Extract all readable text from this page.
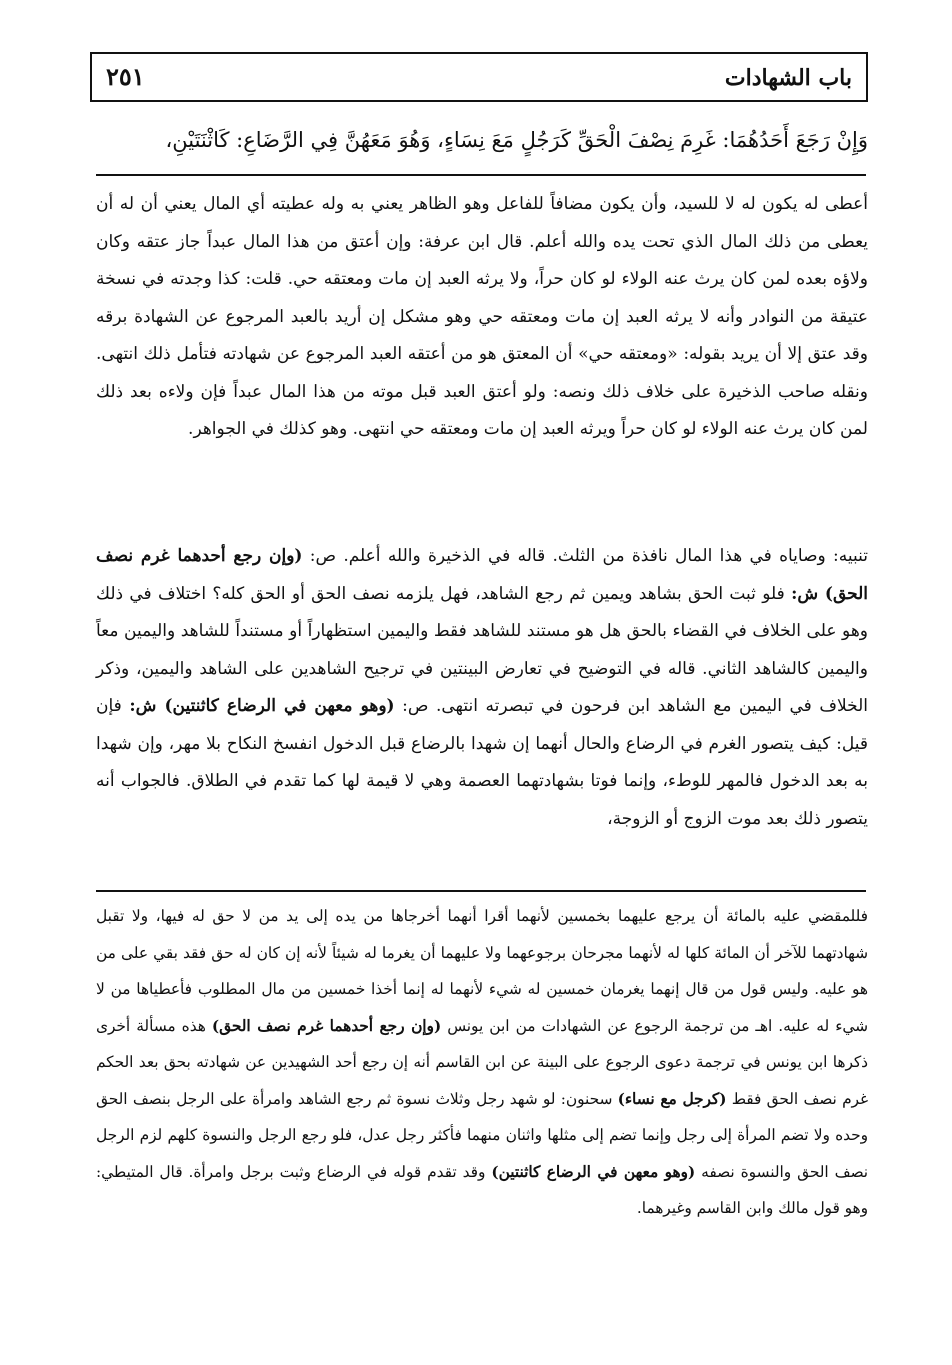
باب الشهادات
٢٥١
وَإِنْ رَجَعَ أَحَدُهُمَا: غَرِمَ نِصْفَ الْحَقِّ كَرَجُلٍ مَعَ نِسَاءٍ، وَهُوَ مَعَهُنَّ فِي الرَّضَاعِ: كَاثْنَتَيْنِ،
أعطى له يكون له لا للسيد، وأن يكون مضافاً للفاعل وهو الظاهر يعني به وله عطيته أي المال يعني أن له أن يعطى من ذلك المال الذي تحت يده والله أعلم. قال ابن عرفة: وإن أعتق من هذا المال عبداً جاز عتقه وكان ولاؤه بعده لمن كان يرث عنه الولاء لو كان حراً، ولا يرثه العبد إن مات ومعتقه حي. قلت: كذا وجدته في نسخة عتيقة من النوادر وأنه لا يرثه العبد إن مات ومعتقه حي وهو مشكل إن أريد بالعبد المرجوع عن الشهادة برقه وقد عتق إلا أن يريد بقوله: «ومعتقه حي» أن المعتق هو من أعتقه العبد المرجوع عن شهادته فتأمل ذلك انتهى. ونقله صاحب الذخيرة على خلاف ذلك ونصه: ولو أعتق العبد قبل موته من هذا المال عبداً فإن ولاءه بعد ذلك لمن كان يرث عنه الولاء لو كان حراً ويرثه العبد إن مات ومعتقه حي انتهى. وهو كذلك في الجواهر.
تنبيه: وصاياه في هذا المال نافذة من الثلث. قاله في الذخيرة والله أعلم. ص: (وإن رجع أحدهما غرم نصف الحق) ش: فلو ثبت الحق بشاهد ويمين ثم رجع الشاهد، فهل يلزمه نصف الحق أو الحق كله؟ اختلاف في ذلك وهو على الخلاف في القضاء بالحق هل هو مستند للشاهد فقط واليمين استظهاراً أو مستنداً للشاهد واليمين معاً واليمين كالشاهد الثاني. قاله في التوضيح في تعارض البينتين في ترجيح الشاهدين على الشاهد واليمين، وذكر الخلاف في اليمين مع الشاهد ابن فرحون في تبصرته انتهى. ص: (وهو معهن في الرضاع كاثنتين) ش: فإن قيل: كيف يتصور الغرم في الرضاع والحال أنهما إن شهدا بالرضاع قبل الدخول انفسخ النكاح بلا مهر، وإن شهدا به بعد الدخول فالمهر للوطء، وإنما فوتا بشهادتهما العصمة وهي لا قيمة لها كما تقدم في الطلاق. فالجواب أنه يتصور ذلك بعد موت الزوج أو الزوجة،
فللمقضي عليه بالمائة أن يرجع عليهما بخمسين لأنهما أقرا أنهما أخرجاها من يده إلى يد من لا حق له فيها، ولا تقبل شهادتهما للآخر أن المائة كلها له لأنهما مجرحان برجوعهما ولا عليهما أن يغرما له شيئاً لأنه إن كان له حق فقد بقي على من هو عليه. وليس قول من قال إنهما يغرمان خمسين له شيء لأنهما له إنما أخذا خمسين من مال المطلوب فأعطياها من لا شيء له عليه. اهـ من ترجمة الرجوع عن الشهادات من ابن يونس (وإن رجع أحدهما غرم نصف الحق) هذه مسألة أخرى ذكرها ابن يونس في ترجمة دعوى الرجوع على البينة عن ابن القاسم أنه إن رجع أحد الشهيدين عن شهادته بحق بعد الحكم غرم نصف الحق فقط (كرجل مع نساء) سحنون: لو شهد رجل وثلاث نسوة ثم رجع الشاهد وامرأة على الرجل بنصف الحق وحده ولا تضم المرأة إلى رجل وإنما تضم إلى مثلها واثنان منهما فأكثر رجل عدل، فلو رجع الرجل والنسوة كلهم لزم الرجل نصف الحق والنسوة نصفه (وهو معهن في الرضاع كاثنتين) وقد تقدم قوله في الرضاع وثبت برجل وامرأة. قال المتيطي: وهو قول مالك وابن القاسم وغيرهما.
